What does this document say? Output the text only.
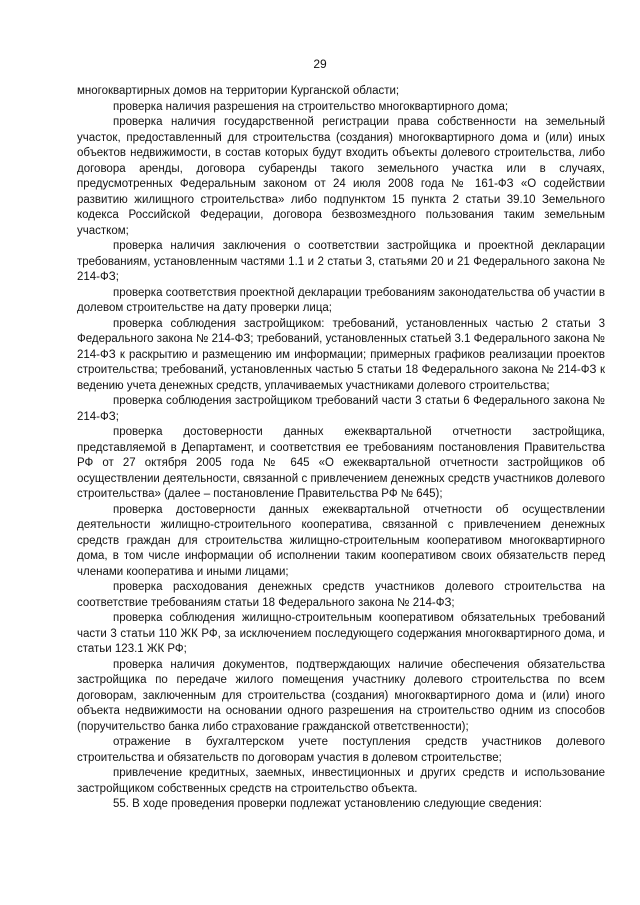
29

многоквартирных домов на территории Курганской области;

проверка наличия разрешения на строительство многоквартирного дома;

проверка наличия государственной регистрации права собственности на земельный участок, предоставленный для строительства (создания) многоквартирного дома и (или) иных объектов недвижимости, в состав которых будут входить объекты долевого строительства, либо договора аренды, договора субаренды такого земельного участка или в случаях, предусмотренных Федеральным законом от 24 июля 2008 года № 161-ФЗ «О содействии развитию жилищного строительства» либо подпунктом 15 пункта 2 статьи 39.10 Земельного кодекса Российской Федерации, договора безвозмездного пользования таким земельным участком;

проверка наличия заключения о соответствии застройщика и проектной декларации требованиям, установленным частями 1.1 и 2 статьи 3, статьями 20 и 21 Федерального закона № 214-ФЗ;

проверка соответствия проектной декларации требованиям законодательства об участии в долевом строительстве на дату проверки лица;

проверка соблюдения застройщиком: требований, установленных частью 2 статьи 3 Федерального закона № 214-ФЗ; требований, установленных статьей 3.1 Федерального закона № 214-ФЗ к раскрытию и размещению им информации; примерных графиков реализации проектов строительства; требований, установленных частью 5 статьи 18 Федерального закона № 214-ФЗ к ведению учета денежных средств, уплачиваемых участниками долевого строительства;

проверка соблюдения застройщиком требований части 3 статьи 6 Федерального закона № 214-ФЗ;

проверка достоверности данных ежеквартальной отчетности застройщика, представляемой в Департамент, и соответствия ее требованиям постановления Правительства РФ от 27 октября 2005 года № 645 «О ежеквартальной отчетности застройщиков об осуществлении деятельности, связанной с привлечением денежных средств участников долевого строительства» (далее – постановление Правительства РФ № 645);

проверка достоверности данных ежеквартальной отчетности об осуществлении деятельности жилищно-строительного кооператива, связанной с привлечением денежных средств граждан для строительства жилищно-строительным кооперативом многоквартирного дома, в том числе информации об исполнении таким кооперативом своих обязательств перед членами кооператива и иными лицами;

проверка расходования денежных средств участников долевого строительства на соответствие требованиям статьи 18 Федерального закона № 214-ФЗ;

проверка соблюдения жилищно-строительным кооперативом обязательных требований части 3 статьи 110 ЖК РФ, за исключением последующего содержания многоквартирного дома, и статьи 123.1 ЖК РФ;

проверка наличия документов, подтверждающих наличие обеспечения обязательства застройщика по передаче жилого помещения участнику долевого строительства по всем договорам, заключенным для строительства (создания) многоквартирного дома и (или) иного объекта недвижимости на основании одного разрешения на строительство одним из способов (поручительство банка либо страхование гражданской ответственности);

отражение в бухгалтерском учете поступления средств участников долевого строительства и обязательств по договорам участия в долевом строительстве;

привлечение кредитных, заемных, инвестиционных и других средств и использование застройщиком собственных средств на строительство объекта.

55. В ходе проведения проверки подлежат установлению следующие сведения:
